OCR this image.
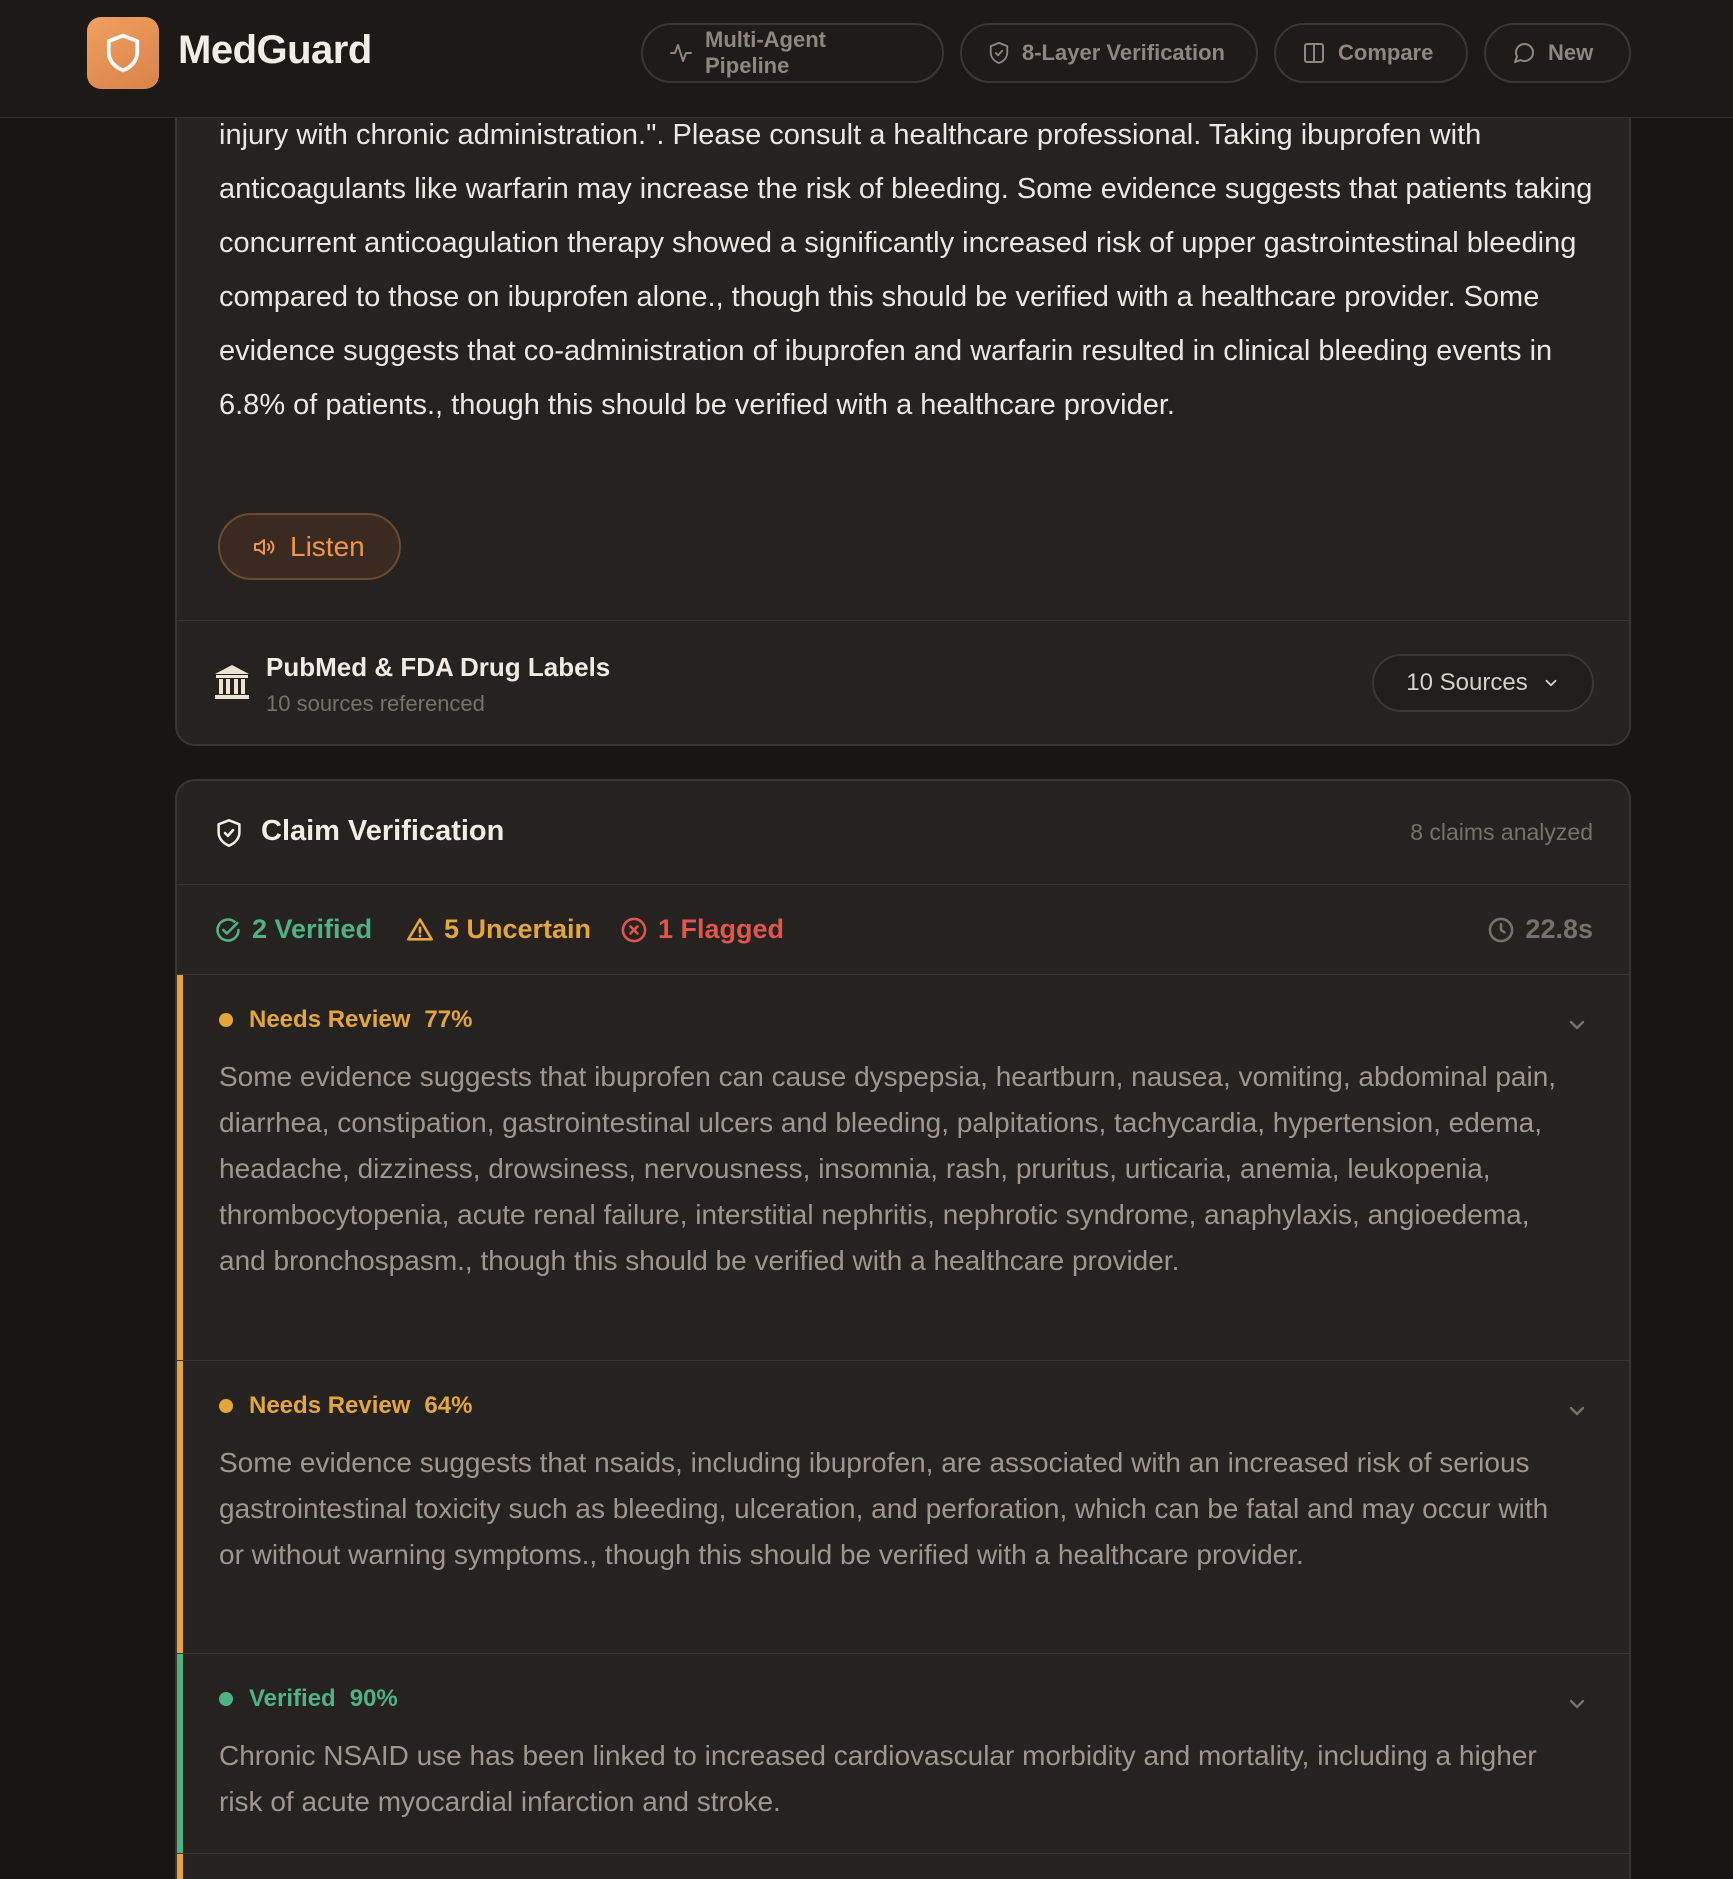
MedGuard	Multi-Agent Pipeline
8-Layer Verification	Compare	New
injury with chronic administration.". Please consult a healthcare professional. Taking ibuprofen with anticoagulants like warfarin may increase the risk of bleeding. Some evidence suggests that patients taking concurrent anticoagulation therapy showed a significantly increased risk of upper gastrointestinal bleeding compared to those on ibuprofen alone., though this should be verified with a healthcare provider. Some evidence suggests that co-administration of ibuprofen and warfarin resulted in clinical bleeding events in 6.8% of patients., though this should be verified with a healthcare provider.
Listen
PubMed & FDA Drug Labels
10 sources referenced
10 Sources
Claim Verification	8 claims analyzed
2 Verified	5 Uncertain 1 Flagged	22.8s
Needs Review 77%
Some evidence suggests that ibuprofen can cause dyspepsia, heartburn, nausea, vomiting, abdominal pain, diarrhea, constipation, gastrointestinal ulcers and bleeding, palpitations, tachycardia, hypertension, edema, headache, dizziness, drowsiness, nervousness, insomnia, rash, pruritus, urticaria, anemia, leukopenia, thrombocytopenia, acute renal failure, interstitial nephritis, nephrotic syndrome, anaphylaxis, angioedema, and bronchospasm., though this should be verified with a healthcare provider.
Needs Review 64%
Some evidence suggests that nsaids, including ibuprofen, are associated with an increased risk of serious gastrointestinal toxicity such as bleeding, ulceration, and perforation, which can be fatal and may occur with or without warning symptoms., though this should be verified with a healthcare provider.
Verified 90%
Chronic NSAID use has been linked to increased cardiovascular morbidity and mortality, including a higher risk of acute myocardial infarction and stroke.
